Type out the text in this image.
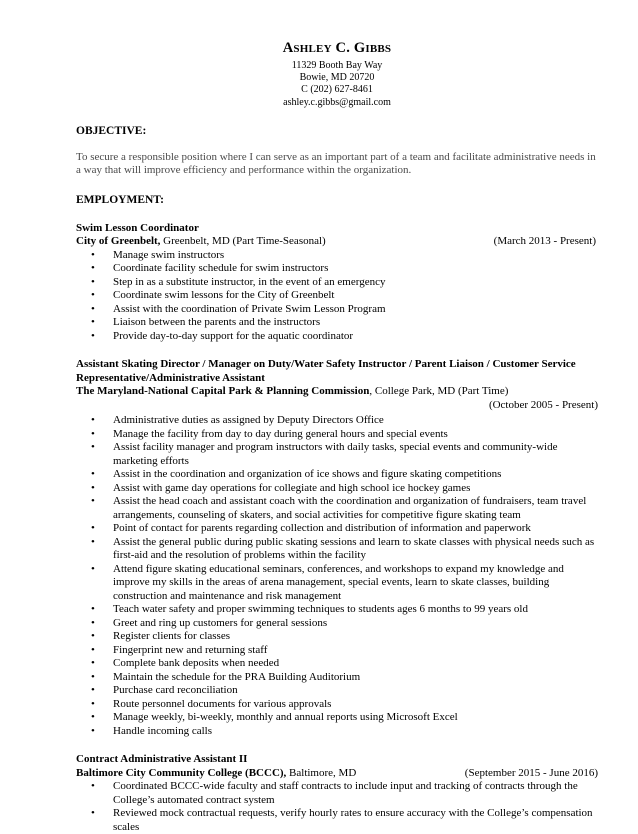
ASHLEY C. GIBBS
11329 Booth Bay Way
Bowie, MD 20720
C (202) 627-8461
ashley.c.gibbs@gmail.com
OBJECTIVE:
To secure a responsible position where I can serve as an important part of a team and facilitate administrative needs in a way that will improve efficiency and performance within the organization.
EMPLOYMENT:
Swim Lesson Coordinator
City of Greenbelt, Greenbelt, MD (Part Time-Seasonal)	(March 2013 - Present)
• Manage swim instructors
• Coordinate facility schedule for swim instructors
• Step in as a substitute instructor, in the event of an emergency
• Coordinate swim lessons for the City of Greenbelt
• Assist with the coordination of Private Swim Lesson Program
• Liaison between the parents and the instructors
• Provide day-to-day support for the aquatic coordinator
Assistant Skating Director / Manager on Duty/Water Safety Instructor / Parent Liaison / Customer Service Representative/Administrative Assistant
The Maryland-National Capital Park & Planning Commission, College Park, MD (Part Time)
(October 2005 - Present)
• Administrative duties as assigned by Deputy Directors Office
• Manage the facility from day to day during general hours and special events
• Assist facility manager and program instructors with daily tasks, special events and community-wide marketing efforts
• Assist in the coordination and organization of ice shows and figure skating competitions
• Assist with game day operations for collegiate and high school ice hockey games
• Assist the head coach and assistant coach with the coordination and organization of fundraisers, team travel arrangements, counseling of skaters, and social activities for competitive figure skating team
• Point of contact for parents regarding collection and distribution of information and paperwork
• Assist the general public during public skating sessions and learn to skate classes with physical needs such as first-aid and the resolution of problems within the facility
• Attend figure skating educational seminars, conferences, and workshops to expand my knowledge and improve my skills in the areas of arena management, special events, learn to skate classes, building construction and maintenance and risk management
• Teach water safety and proper swimming techniques to students ages 6 months to 99 years old
• Greet and ring up customers for general sessions
• Register clients for classes
• Fingerprint new and returning staff
• Complete bank deposits when needed
• Maintain the schedule for the PRA Building Auditorium
• Purchase card reconciliation
• Route personnel documents for various approvals
• Manage weekly, bi-weekly, monthly and annual reports using Microsoft Excel
• Handle incoming calls
Contract Administrative Assistant II
Baltimore City Community College (BCCC), Baltimore, MD	(September 2015 - June 2016)
• Coordinated BCCC-wide faculty and staff contracts to include input and tracking of contracts through the College’s automated contract system
• Reviewed mock contractual requests, verify hourly rates to ensure accuracy with the College’s compensation scales
